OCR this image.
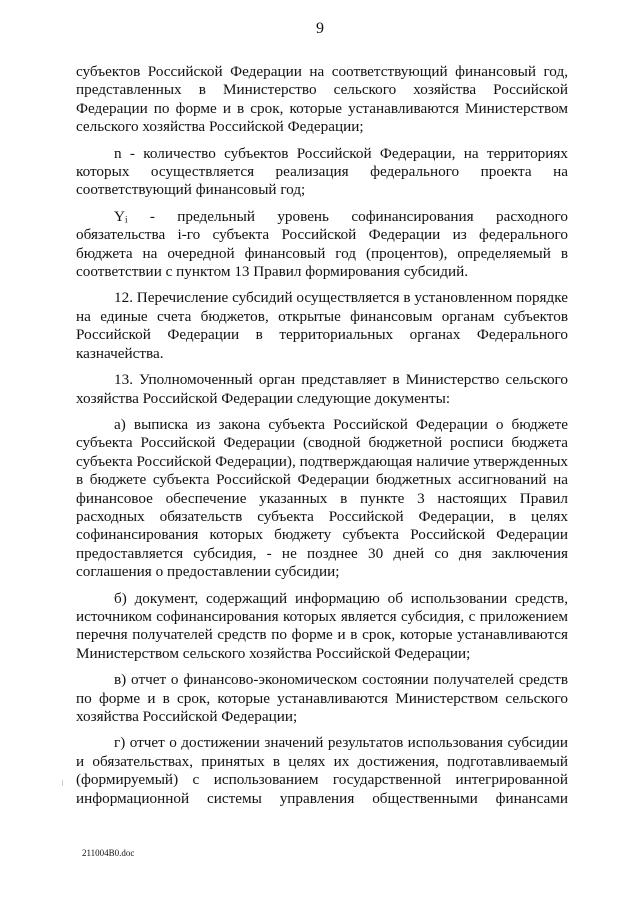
9

субъектов Российской Федерации на соответствующий финансовый год, представленных в Министерство сельского хозяйства Российской Федерации по форме и в срок, которые устанавливаются Министерством сельского хозяйства Российской Федерации;

n - количество субъектов Российской Федерации, на территориях которых осуществляется реализация федерального проекта на соответствующий финансовый год;

Yᵢ - предельный уровень софинансирования расходного обязательства i-го субъекта Российской Федерации из федерального бюджета на очередной финансовый год (процентов), определяемый в соответствии с пунктом 13 Правил формирования субсидий.

12. Перечисление субсидий осуществляется в установленном порядке на единые счета бюджетов, открытые финансовым органам субъектов Российской Федерации в территориальных органах Федерального казначейства.

13. Уполномоченный орган представляет в Министерство сельского хозяйства Российской Федерации следующие документы:

а) выписка из закона субъекта Российской Федерации о бюджете субъекта Российской Федерации (сводной бюджетной росписи бюджета субъекта Российской Федерации), подтверждающая наличие утвержденных в бюджете субъекта Российской Федерации бюджетных ассигнований на финансовое обеспечение указанных в пункте 3 настоящих Правил расходных обязательств субъекта Российской Федерации, в целях софинансирования которых бюджету субъекта Российской Федерации предоставляется субсидия, - не позднее 30 дней со дня заключения соглашения о предоставлении субсидии;

б) документ, содержащий информацию об использовании средств, источником софинансирования которых является субсидия, с приложением перечня получателей средств по форме и в срок, которые устанавливаются Министерством сельского хозяйства Российской Федерации;

в) отчет о финансово-экономическом состоянии получателей средств по форме и в срок, которые устанавливаются Министерством сельского хозяйства Российской Федерации;

г) отчет о достижении значений результатов использования субсидии и обязательствах, принятых в целях их достижения, подготавливаемый (формируемый) с использованием государственной интегрированной информационной системы управления общественными финансами

211004B0.doc
